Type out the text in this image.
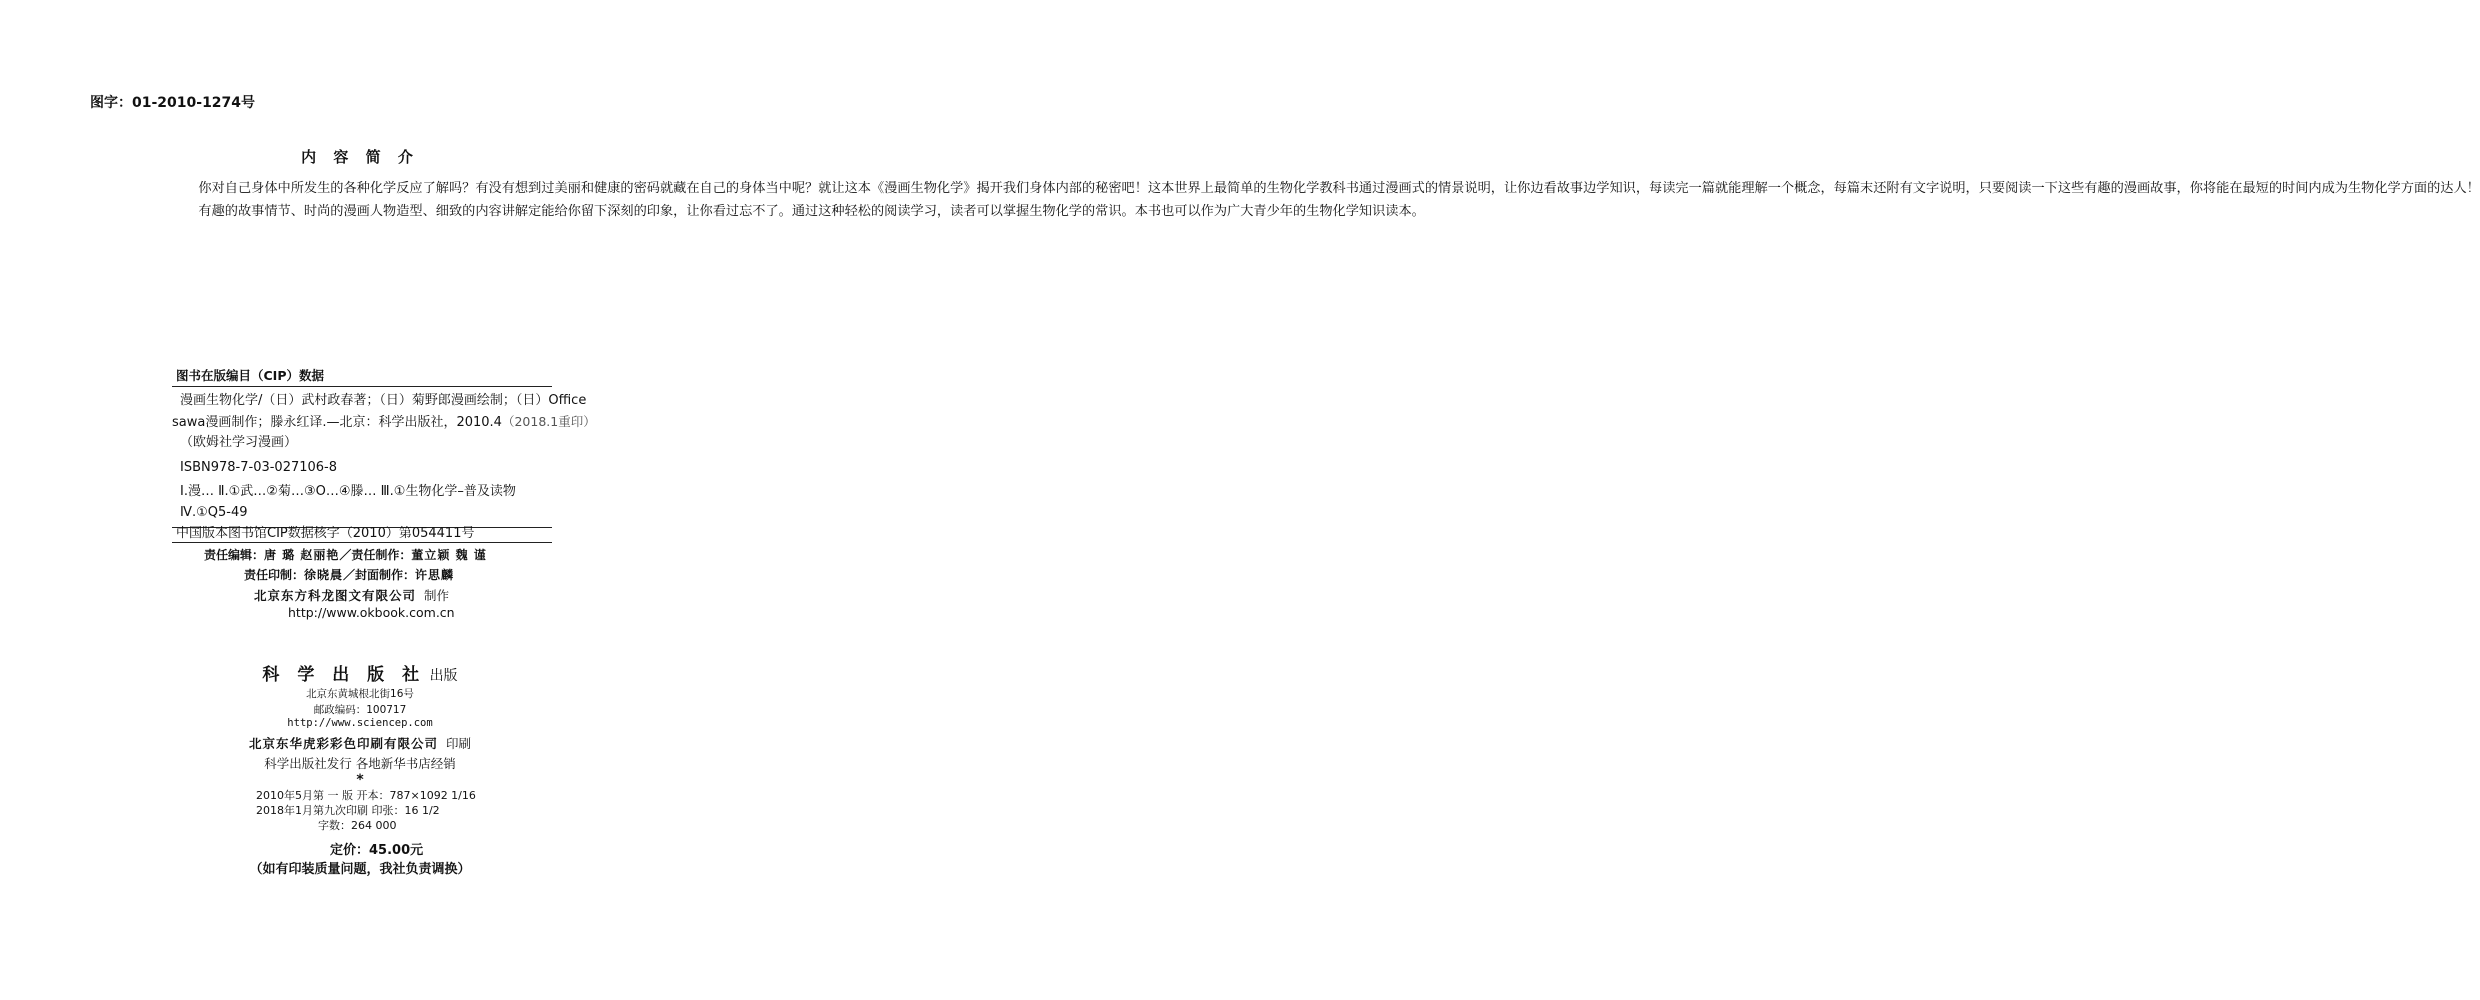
图字：01-2010-1274号
内 容 简 介

你对自己身体中所发生的各种化学反应了解吗？有没有想到过美丽和健康的密码就藏在自己的身体当中呢？就让这本《漫画生物化学》揭开我们身体内部的秘密吧！这本世界上最简单的生物化学教科书通过漫画式的情景说明，让你边看故事边学知识，每读完一篇就能理解一个概念，每篇末还附有文字说明，只要阅读一下这些有趣的漫画故事，你将能在最短的时间内成为生物化学方面的达人！

有趣的故事情节、时尚的漫画人物造型、细致的内容讲解定能给你留下深刻的印象，让你看过忘不了。通过这种轻松的阅读学习，读者可以掌握生物化学的常识。本书也可以作为广大青少年的生物化学知识读本。

图书在版编目（CIP）数据
漫画生物化学/（日）武村政春著；（日）菊野郎漫画绘制；（日）Office
sawa漫画制作；滕永红译.—北京：科学出版社，2010.4（2018.1重印）
（欧姆社学习漫画）
ISBN978-7-03-027106-8
Ⅰ.漫… Ⅱ.①武…②菊…③O…④滕… Ⅲ.①生物化学–普及读物
Ⅳ.①Q5-49
中国版本图书馆CIP数据核字（2010）第054411号
责任编辑：唐 璐 赵丽艳／责任制作：董立颖 魏 谨
责任印制：徐晓晨／封面制作：许思麟
北京东方科龙图文有限公司 制作
http://www.okbook.com.cn
科 学 出 版 社 出版
北京东黄城根北街16号
邮政编码：100717
http://www.sciencep.com
北京东华虎彩彩色印刷有限公司 印刷
科学出版社发行 各地新华书店经销
*
2010年5月第 一 版 开本：787×1092 1/16
2018年1月第九次印刷 印张：16 1/2
字数：264 000
定价：45.00元
（如有印装质量问题，我社负责调换）
